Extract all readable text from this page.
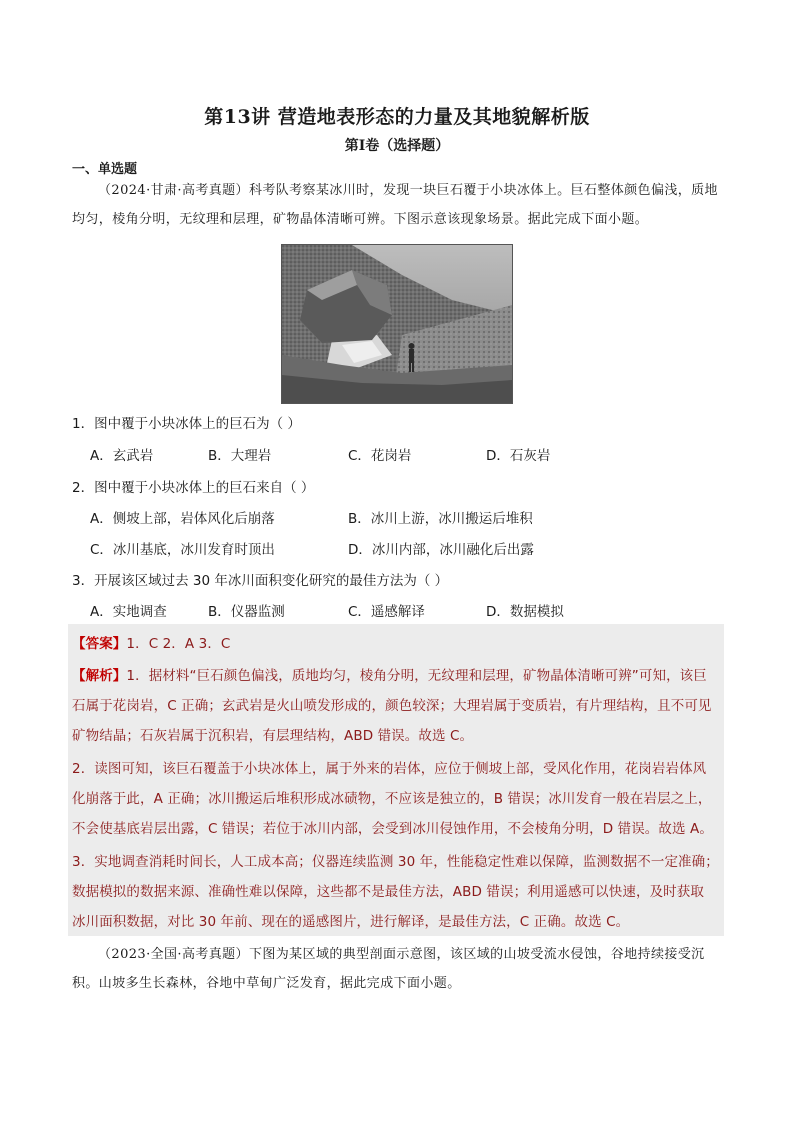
第13讲 营造地表形态的力量及其地貌解析版
第Ⅰ卷（选择题）
一、单选题
（2024·甘肃·高考真题）科考队考察某冰川时，发现一块巨石覆于小块冰体上。巨石整体颜色偏浅，质地均匀，棱角分明，无纹理和层理，矿物晶体清晰可辨。下图示意该现象场景。据此完成下面小题。
1．图中覆于小块冰体上的巨石为（ ）
A．玄武岩	B．大理岩	C．花岗岩	D．石灰岩
2．图中覆于小块冰体上的巨石来自（ ）
A．侧坡上部，岩体风化后崩落	B．冰川上游，冰川搬运后堆积
C．冰川基底，冰川发育时顶出	D．冰川内部，冰川融化后出露
3．开展该区域过去 30 年冰川面积变化研究的最佳方法为（ ）
A．实地调查	B．仪器监测	C．遥感解译	D．数据模拟
【答案】1．C 2．A 3．C
【解析】1．据材料“巨石颜色偏浅，质地均匀，棱角分明，无纹理和层理，矿物晶体清晰可辨”可知，该巨
石属于花岗岩，C 正确；玄武岩是火山喷发形成的，颜色较深；大理岩属于变质岩，有片理结构，且不可见
矿物结晶；石灰岩属于沉积岩，有层理结构，ABD 错误。故选 C。
2．读图可知，该巨石覆盖于小块冰体上，属于外来的岩体，应位于侧坡上部，受风化作用，花岗岩岩体风
化崩落于此，A 正确；冰川搬运后堆积形成冰碛物，不应该是独立的，B 错误；冰川发育一般在岩层之上，
不会使基底岩层出露，C 错误；若位于冰川内部，会受到冰川侵蚀作用，不会棱角分明，D 错误。故选 A。
3．实地调查消耗时间长，人工成本高；仪器连续监测 30 年，性能稳定性难以保障，监测数据不一定准确；
数据模拟的数据来源、准确性难以保障，这些都不是最佳方法，ABD 错误；利用遥感可以快速，及时获取
冰川面积数据，对比 30 年前、现在的遥感图片，进行解译，是最佳方法，C 正确。故选 C。
（2023·全国·高考真题）下图为某区域的典型剖面示意图，该区域的山坡受流水侵蚀，谷地持续接受沉积。山坡多生长森林，谷地中草甸广泛发育，据此完成下面小题。
